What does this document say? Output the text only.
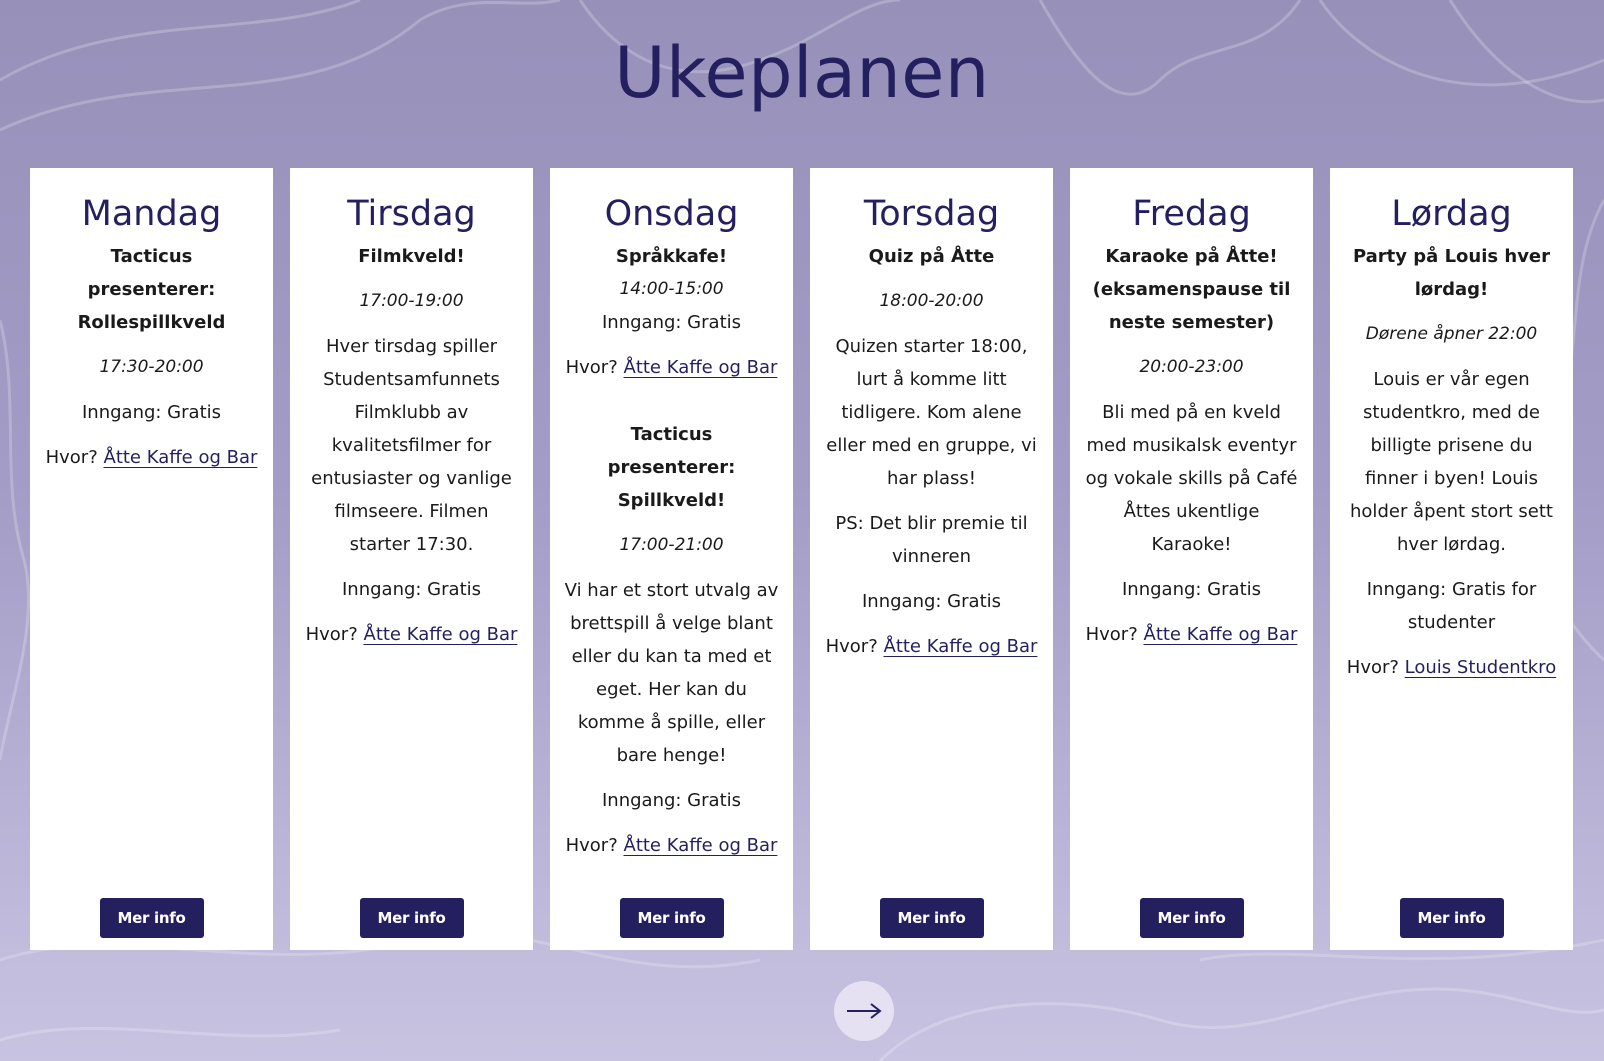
Ukeplanen
Mandag

Tacticus presenterer: Rollespillkveld

17:30-20:00

Inngang: Gratis

Hvor? Åtte Kaffe og Bar

Mer info
Tirsdag

Filmkveld!

17:00-19:00

Hver tirsdag spiller Studentsamfunnets Filmklubb av kvalitetsfilmer for entusiaster og vanlige filmseere. Filmen starter 17:30.

Inngang: Gratis

Hvor? Åtte Kaffe og Bar

Mer info
Onsdag

Språkkafe!

14:00-15:00

Inngang: Gratis

Hvor? Åtte Kaffe og Bar

Tacticus presenterer: Spillkveld!

17:00-21:00

Vi har et stort utvalg av brettspill å velge blant eller du kan ta med et eget. Her kan du komme å spille, eller bare henge!

Inngang: Gratis

Hvor? Åtte Kaffe og Bar

Mer info
Torsdag

Quiz på Åtte

18:00-20:00

Quizen starter 18:00, lurt å komme litt tidligere. Kom alene eller med en gruppe, vi har plass!

PS: Det blir premie til vinneren

Inngang: Gratis

Hvor? Åtte Kaffe og Bar

Mer info
Fredag

Karaoke på Åtte! (eksamenspause til neste semester)

20:00-23:00

Bli med på en kveld med musikalsk eventyr og vokale skills på Café Åttes ukentlige Karaoke!

Inngang: Gratis

Hvor? Åtte Kaffe og Bar

Mer info
Lørdag

Party på Louis hver lørdag!

Dørene åpner 22:00

Louis er vår egen studentkro, med de billigte prisene du finner i byen! Louis holder åpent stort sett hver lørdag.

Inngang: Gratis for studenter

Hvor? Louis Studentkro

Mer info
